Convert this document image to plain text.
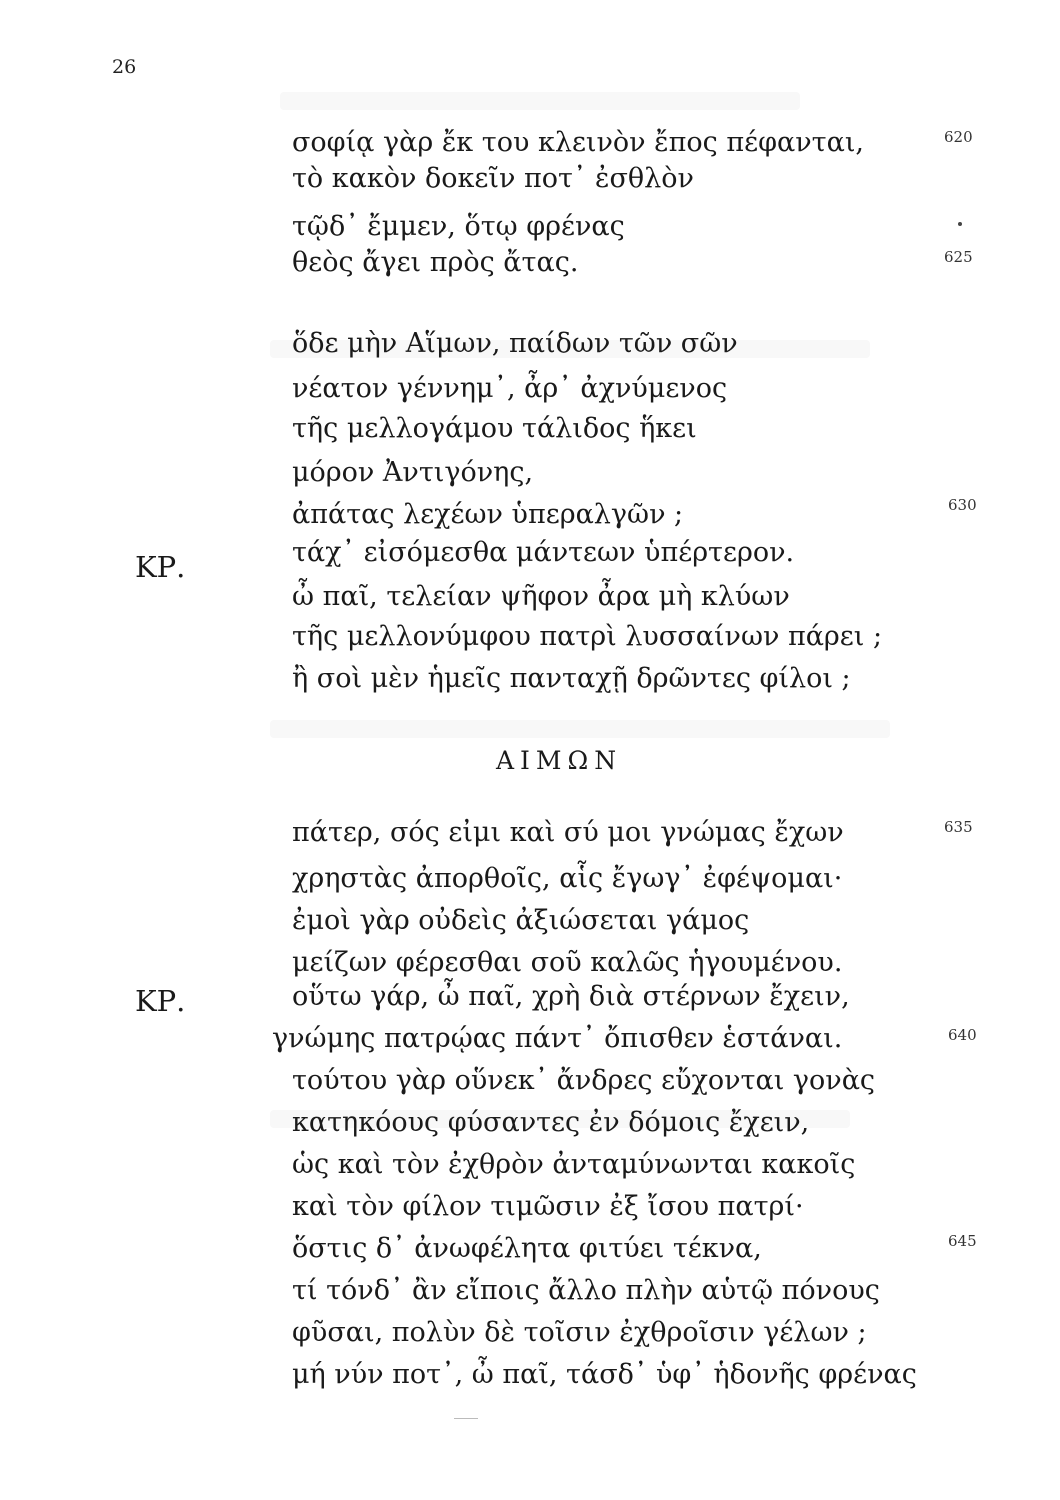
26
σοφίᾳ γὰρ ἔκ του κλεινὸν ἔπος πέφανται,	620
τὸ κακὸν δοκεῖν ποτ᾽ ἐσθλὸν
τῷδ᾽ ἔμμεν, ὅτῳ φρένας
θεὸς ἄγει πρὸς ἄτας.	625
ὅδε μὴν Αἵμων, παίδων τῶν σῶν
νέατον γέννημ᾽, ἆρ᾽ ἀχνύμενος
τῆς μελλογάμου τάλιδος ἥκει
μόρον Ἀντιγόνης,
ἀπάτας λεχέων ὑπεραλγῶν ;	630
ΚΡ.	τάχ᾽ εἰσόμεσθα μάντεων ὑπέρτερον.
ὦ παῖ, τελείαν ψῆφον ἆρα μὴ κλύων
τῆς μελλονύμφου πατρὶ λυσσαίνων πάρει ;
ἢ σοὶ μὲν ἡμεῖς πανταχῇ δρῶντες φίλοι ;
ΑΙΜΩΝ
πάτερ, σός εἰμι καὶ σύ μοι γνώμας ἔχων	635
χρηστὰς ἀπορθοῖς, αἷς ἔγωγ᾽ ἐφέψομαι·
ἐμοὶ γὰρ οὐδεὶς ἀξιώσεται γάμος
μείζων φέρεσθαι σοῦ καλῶς ἡγουμένου.
ΚΡ.	οὕτω γάρ, ὦ παῖ, χρὴ διὰ στέρνων ἔχειν,
γνώμης πατρῴας πάντ᾽ ὄπισθεν ἑστάναι.	640
τούτου γὰρ οὕνεκ᾽ ἄνδρες εὔχονται γονὰς
κατηκόους φύσαντες ἐν δόμοις ἔχειν,
ὡς καὶ τὸν ἐχθρὸν ἀνταμύνωνται κακοῖς
καὶ τὸν φίλον τιμῶσιν ἐξ ἴσου πατρί·
ὅστις δ᾽ ἀνωφέλητα φιτύει τέκνα,	645
τί τόνδ᾽ ἂν εἴποις ἄλλο πλὴν αὑτῷ πόνους
φῦσαι, πολὺν δὲ τοῖσιν ἐχθροῖσιν γέλων ;
μή νύν ποτ᾽, ὦ παῖ, τάσδ᾽ ὑφ᾽ ἡδονῆς φρένας
